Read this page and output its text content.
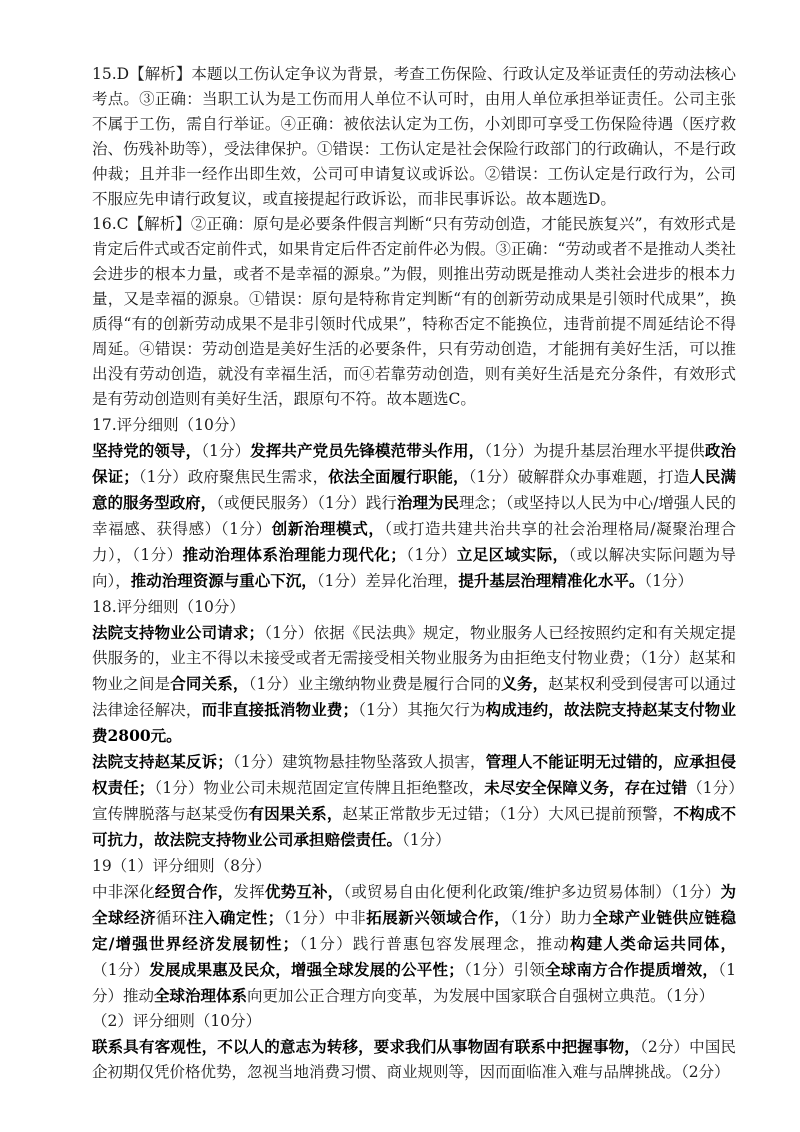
15.D【解析】本题以工伤认定争议为背景，考查工伤保险、行政认定及举证责任的劳动法核心考点。③正确：当职工认为是工伤而用人单位不认可时，由用人单位承担举证责任。公司主张不属于工伤，需自行举证。④正确：被依法认定为工伤，小刘即可享受工伤保险待遇（医疗救治、伤残补助等），受法律保护。①错误：工伤认定是社会保险行政部门的行政确认，不是行政仲裁；且并非一经作出即生效，公司可申请复议或诉讼。②错误：工伤认定是行政行为，公司不服应先申请行政复议，或直接提起行政诉讼，而非民事诉讼。故本题选D。

16.C【解析】②正确：原句是必要条件假言判断“只有劳动创造，才能民族复兴”，有效形式是肯定后件式或否定前件式，如果肯定后件否定前件必为假。③正确：“劳动或者不是推动人类社会进步的根本力量，或者不是幸福的源泉。”为假，则推出劳动既是推动人类社会进步的根本力量，又是幸福的源泉。①错误：原句是特称肯定判断“有的创新劳动成果是引领时代成果”，换质得“有的创新劳动成果不是非引领时代成果”，特称否定不能换位，违背前提不周延结论不得周延。④错误：劳动创造是美好生活的必要条件，只有劳动创造，才能拥有美好生活，可以推出没有劳动创造，就没有幸福生活，而④若靠劳动创造，则有美好生活是充分条件，有效形式是有劳动创造则有美好生活，跟原句不符。故本题选C。

17.评分细则（10分）

坚持党的领导，（1分）发挥共产党员先锋模范带头作用，（1分）为提升基层治理水平提供政治保证；（1分）政府聚焦民生需求，依法全面履行职能，（1分）破解群众办事难题，打造人民满意的服务型政府，（或便民服务）（1分）践行治理为民理念；（或坚持以人民为中心/增强人民的幸福感、获得感）（1分）创新治理模式，（或打造共建共治共享的社会治理格局/凝聚治理合力），（1分）推动治理体系治理能力现代化；（1分）立足区域实际，（或以解决实际问题为导向），推动治理资源与重心下沉，（1分）差异化治理，提升基层治理精准化水平。（1分）

18.评分细则（10分）

法院支持物业公司请求；（1分）依据《民法典》规定，物业服务人已经按照约定和有关规定提供服务的，业主不得以未接受或者无需接受相关物业服务为由拒绝支付物业费；（1分）赵某和物业之间是合同关系，（1分）业主缴纳物业费是履行合同的义务，赵某权利受到侵害可以通过法律途径解决，而非直接抵消物业费；（1分）其拖欠行为构成违约，故法院支持赵某支付物业费2800元。

法院支持赵某反诉；（1分）建筑物悬挂物坠落致人损害，管理人不能证明无过错的，应承担侵权责任；（1分）物业公司未规范固定宣传牌且拒绝整改，未尽安全保障义务，存在过错（1分）宣传牌脱落与赵某受伤有因果关系，赵某正常散步无过错；（1分）大风已提前预警，不构成不可抗力，故法院支持物业公司承担赔偿责任。（1分）

19（1）评分细则（8分）

中非深化经贸合作，发挥优势互补，（或贸易自由化便利化政策/维护多边贸易体制）（1分）为全球经济循环注入确定性；（1分）中非拓展新兴领域合作，（1分）助力全球产业链供应链稳定/增强世界经济发展韧性；（1分）践行普惠包容发展理念，推动构建人类命运共同体，（1分）发展成果惠及民众，增强全球发展的公平性；（1分）引领全球南方合作提质增效，（1分）推动全球治理体系向更加公正合理方向变革，为发展中国家联合自强树立典范。（1分）

（2）评分细则（10分）

联系具有客观性，不以人的意志为转移，要求我们从事物固有联系中把握事物，（2分）中国民企初期仅凭价格优势，忽视当地消费习惯、商业规则等，因而面临准入难与品牌挑战。（2分）
